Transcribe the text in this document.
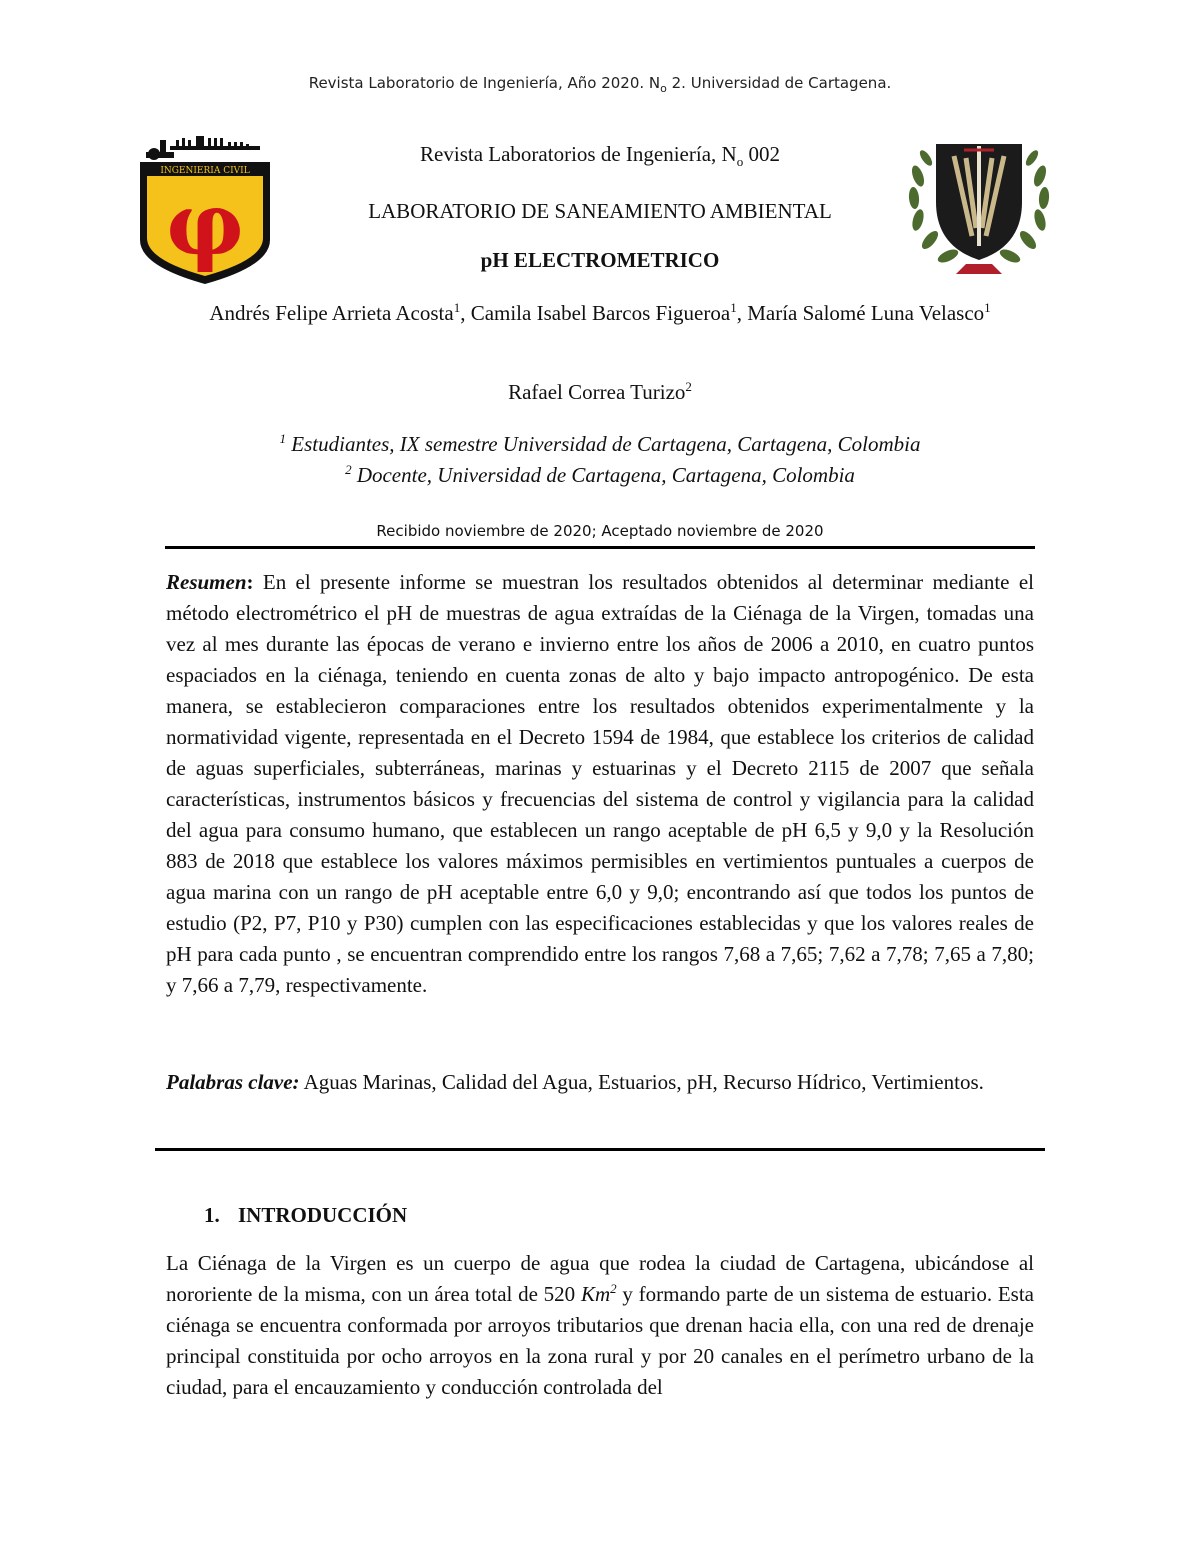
Revista Laboratorio de Ingeniería, Año 2020. $N_o$ 2. Universidad de Cartagena.
INGENIERIA CIVIL
φ
Revista Laboratorios de Ingeniería, $N_o$ 002
LABORATORIO DE SANEAMIENTO AMBIENTAL
pH ELECTROMETRICO
Andrés Felipe Arrieta Acosta$^1$, Camila Isabel Barcos Figueroa$^1$, María Salomé Luna Velasco$^1$
Rafael Correa Turizo$^2$
$^1$ Estudiantes, IX semestre Universidad de Cartagena, Cartagena, Colombia
$^2$ Docente, Universidad de Cartagena, Cartagena, Colombia
Recibido noviembre de 2020; Aceptado noviembre de 2020
Resumen: En el presente informe se muestran los resultados obtenidos al determinar mediante el método electrométrico el pH de muestras de agua extraídas de la Ciénaga de la Virgen, tomadas una vez al mes durante las épocas de verano e invierno entre los años de 2006 a 2010, en cuatro puntos espaciados en la ciénaga, teniendo en cuenta zonas de alto y bajo impacto antropogénico. De esta manera, se establecieron comparaciones entre los resultados obtenidos experimentalmente y la normatividad vigente, representada en el Decreto 1594 de 1984, que establece los criterios de calidad de aguas superficiales, subterráneas, marinas y estuarinas y el Decreto 2115 de 2007 que señala características, instrumentos básicos y frecuencias del sistema de control y vigilancia para la calidad del agua para consumo humano, que establecen un rango aceptable de pH 6,5 y 9,0 y la Resolución 883 de 2018 que establece los valores máximos permisibles en vertimientos puntuales a cuerpos de agua marina con un rango de pH aceptable entre 6,0 y 9,0; encontrando así que todos los puntos de estudio (P2, P7, P10 y P30) cumplen con las especificaciones establecidas y que los valores reales de pH para cada punto , se encuentran comprendido entre los rangos 7,68 a 7,65; 7,62 a 7,78; 7,65 a 7,80; y 7,66 a 7,79, respectivamente.
Palabras clave: Aguas Marinas, Calidad del Agua, Estuarios, pH, Recurso Hídrico, Vertimientos.
1. INTRODUCCIÓN
La Ciénaga de la Virgen es un cuerpo de agua que rodea la ciudad de Cartagena, ubicándose al nororiente de la misma, con un área total de 520 Km$^2$ y formando parte de un sistema de estuario. Esta ciénaga se encuentra conformada por arroyos tributarios que drenan hacia ella, con una red de drenaje principal constituida por ocho arroyos en la zona rural y por 20 canales en el perímetro urbano de la ciudad, para el encauzamiento y conducción controlada del
